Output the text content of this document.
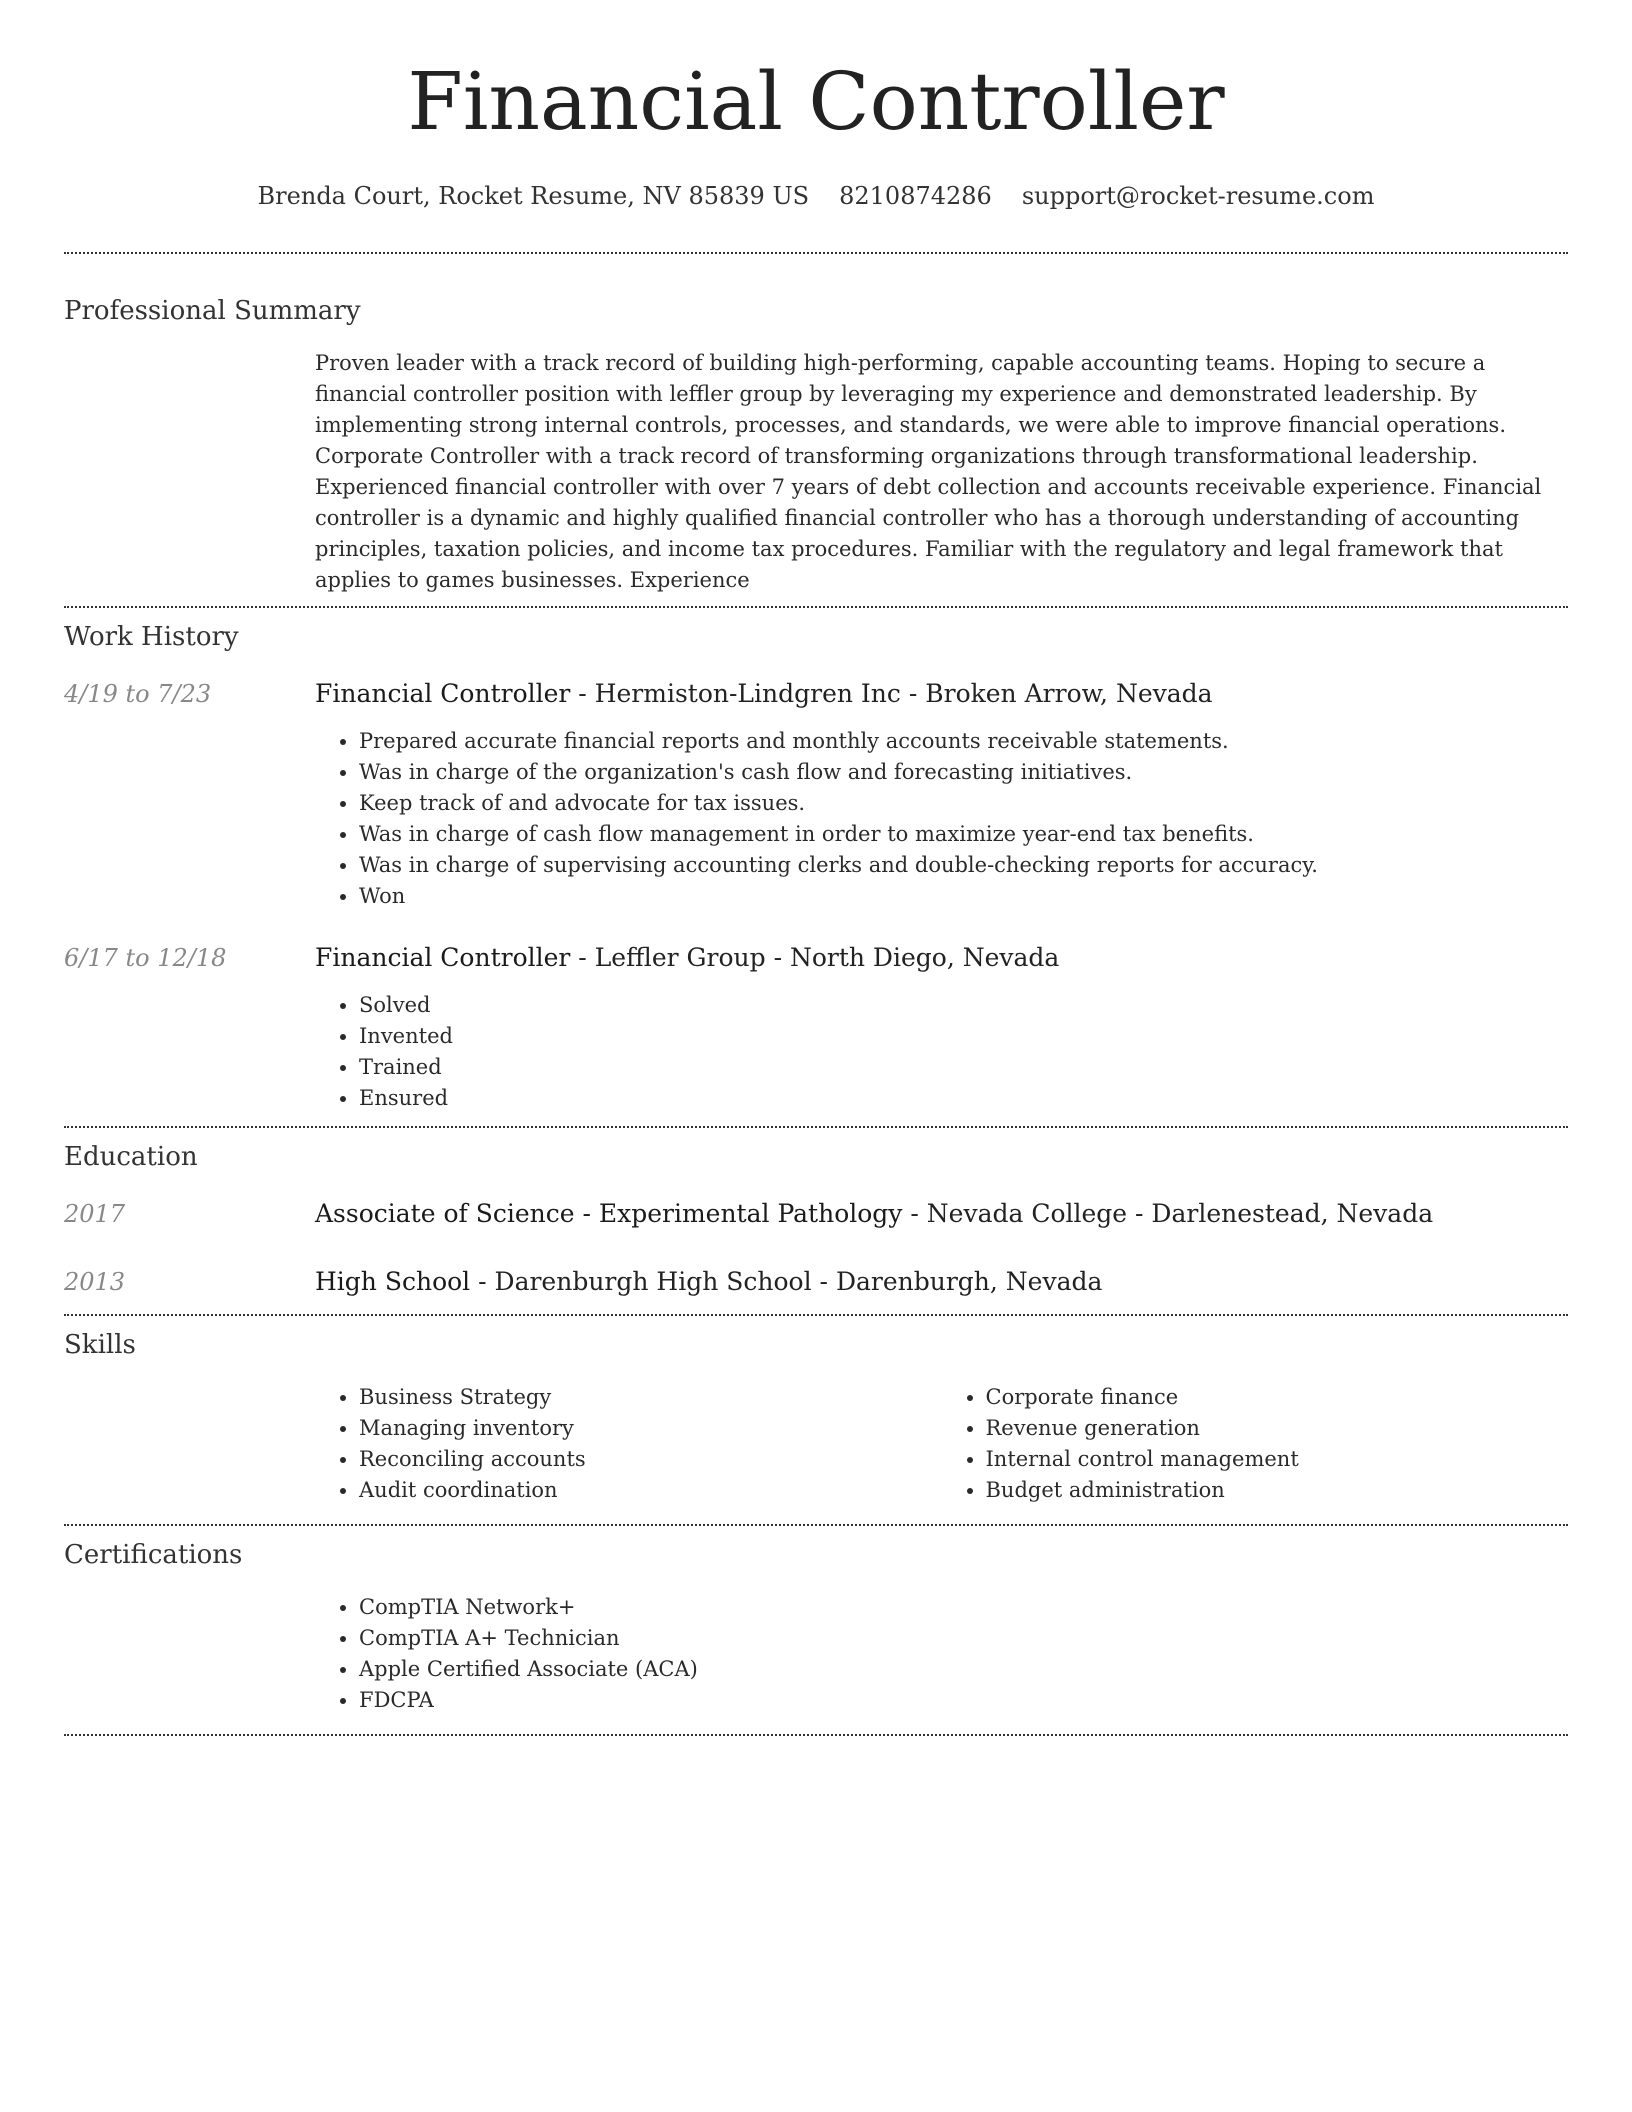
Financial Controller
Brenda Court, Rocket Resume, NV 85839 US 8210874286 support@rocket-resume.com
Professional Summary

Proven leader with a track record of building high-performing, capable accounting teams. Hoping to secure a financial controller position with leffler group by leveraging my experience and demonstrated leadership. By implementing strong internal controls, processes, and standards, we were able to improve financial operations. Corporate Controller with a track record of transforming organizations through transformational leadership. Experienced financial controller with over 7 years of debt collection and accounts receivable experience. Financial controller is a dynamic and highly qualified financial controller who has a thorough understanding of accounting principles, taxation policies, and income tax procedures. Familiar with the regulatory and legal framework that applies to games businesses. Experience

Work History
4/19 to 7/23	Financial Controller - Hermiston-Lindgren Inc - Broken Arrow, Nevada
• Prepared accurate financial reports and monthly accounts receivable statements.
• Was in charge of the organization's cash flow and forecasting initiatives.
• Keep track of and advocate for tax issues.
• Was in charge of cash flow management in order to maximize year-end tax benefits.
• Was in charge of supervising accounting clerks and double-checking reports for accuracy.
• Won
6/17 to 12/18	Financial Controller - Leffler Group - North Diego, Nevada
• Solved
• Invented
• Trained
• Ensured
Education
2017	Associate of Science - Experimental Pathology - Nevada College - Darlenestead, Nevada
2013	High School - Darenburgh High School - Darenburgh, Nevada
Skills
• Business Strategy
• Managing inventory
• Reconciling accounts
• Audit coordination
• Corporate finance
• Revenue generation
• Internal control management
• Budget administration
Certifications
• CompTIA Network+
• CompTIA A+ Technician
• Apple Certified Associate (ACA)
• FDCPA
